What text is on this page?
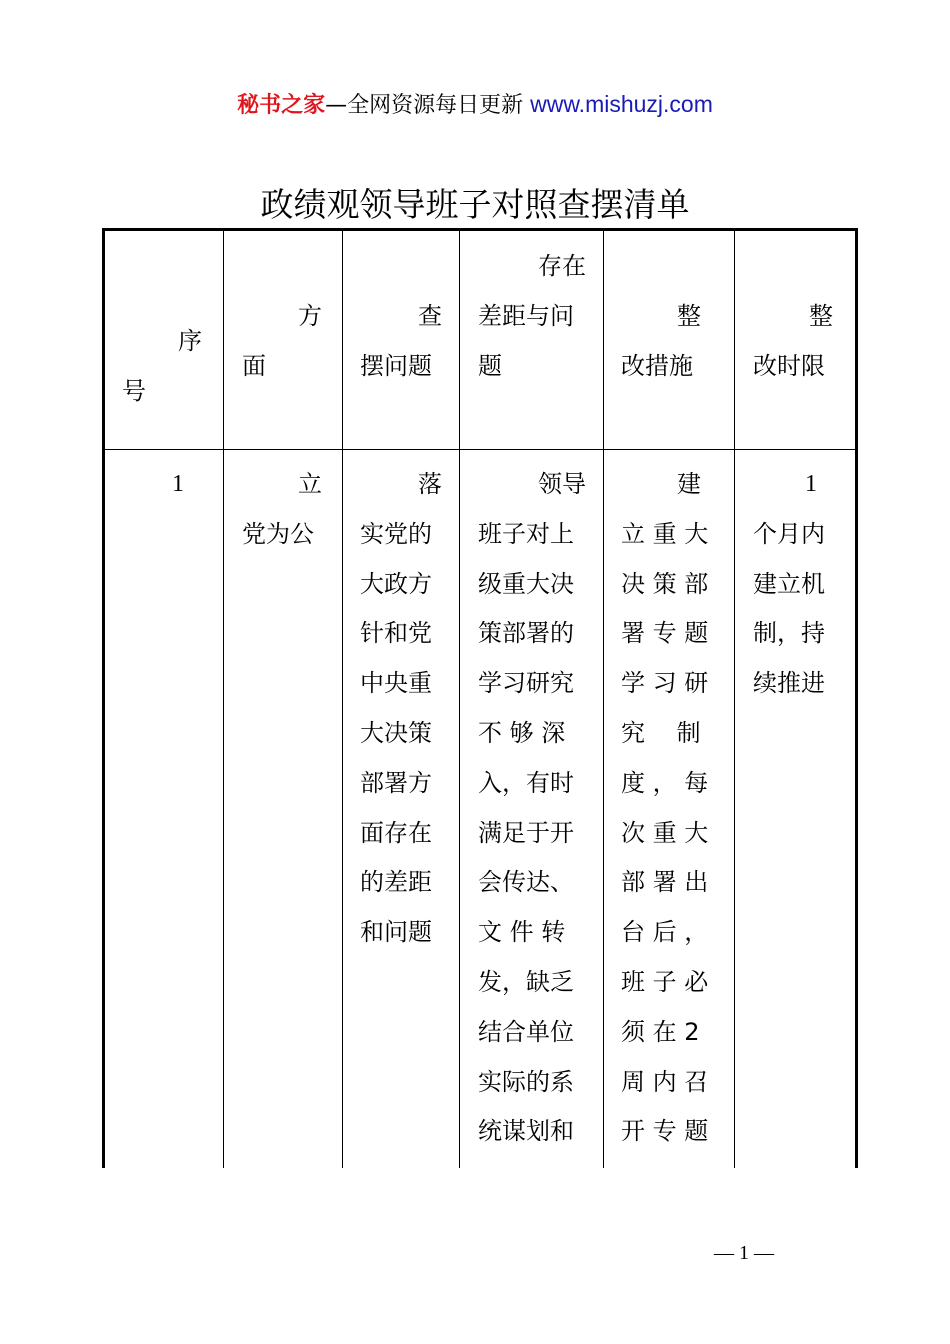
秘书之家—全网资源每日更新 www.mishuzj.com
政绩观领导班子对照查摆清单
序
号
方
面
查
摆问题
存在
差距与问
题
整
改措施
整
改时限
1	立
党为公
落
实党的
大政方
针和党
中央重
大决策
部署方
面存在
的差距
和问题
领导
班子对上
级重大决
策部署的
学习研究
不 够 深
入，有时
满足于开
会传达、
文 件 转
发，缺乏
结合单位
实际的系
统谋划和
建
立 重 大
决 策 部
署 专 题
学 习 研
究　 制
度 ， 每
次 重 大
部 署 出
台 后 ，
班 子 必
须 在 2
周 内 召
开 专 题
1
个月内
建立机
制，持
续推进
— 1 —
